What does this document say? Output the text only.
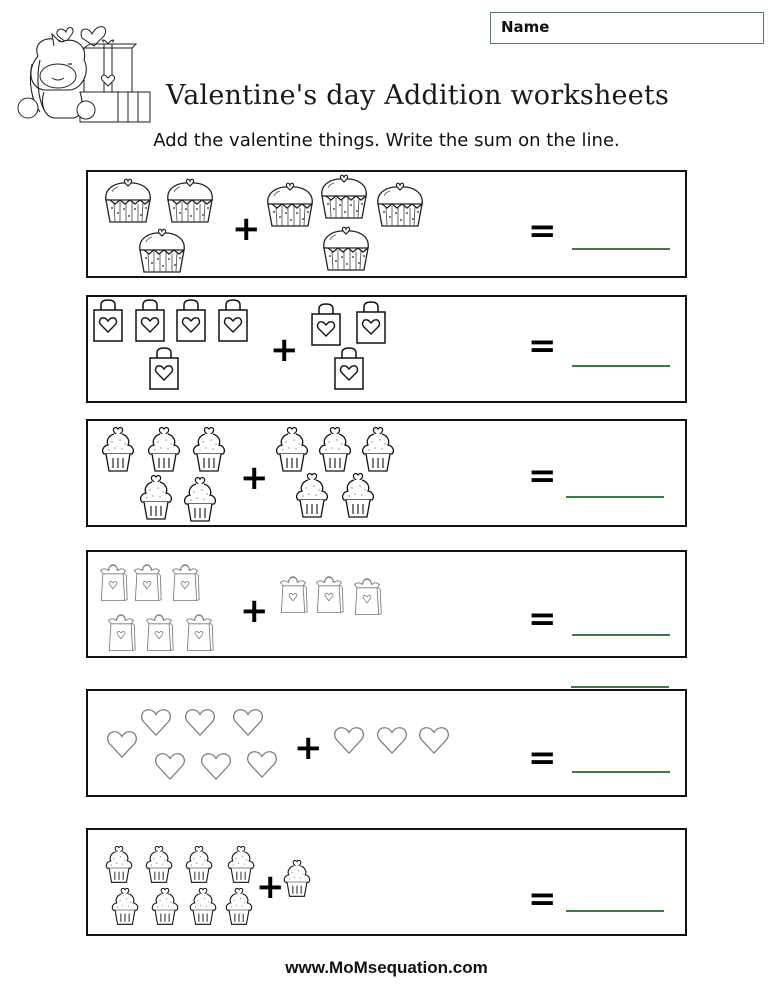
Name
Valentine's day Addition worksheets
Add the valentine things. Write the sum on the line.
+	=
+	=
+	=
+	=
+	=
+	=
www.MoMsequation.com
